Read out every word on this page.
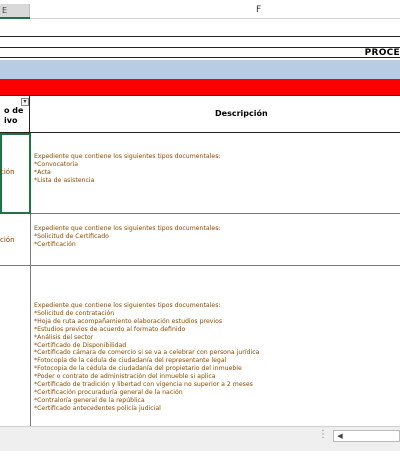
E	F
PROCE
o de
ivo
▾
Descripción
ción
ción
Expediente que contiene los siguientes tipos documentales:
*Convocatoria
*Acta
*Lista de asistencia
Expediente que contiene los siguientes tipos documentales:
*Solicitud de Certificado
*Certificación
Expediente que contiene los siguientes tipos documentales:
*Solicitud de contratación
*Hoja de ruta acompañamiento elaboración estudios previos
*Estudios previos de acuerdo al formato definido
*Análisis del sector
*Certificado de Disponibilidad
*Certificado cámara de comercio si se va a celebrar con persona jurídica
*Fotocopia de la cédula de ciudadanía del representante legal
*Fotocopia de la cédula de ciudadanía del propietario del inmueble
*Poder o contrato de administración del inmueble si aplica
*Certificado de tradición y libertad con vigencia no superior a 2 meses
*Certificación procuraduría general de la nación
*Contraloría general de la república
*Certificado antecedentes policía judicial
⋮	◀
